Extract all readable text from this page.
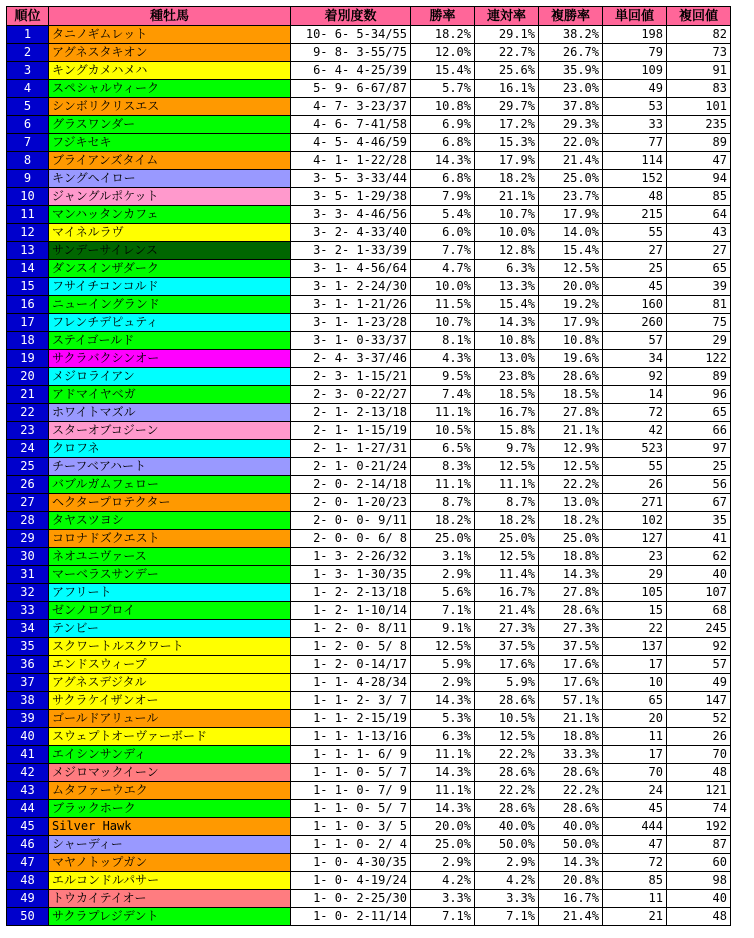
順位	種牡馬	着別度数	勝率	連対率	複勝率	単回値	複回値
1	タニノギムレット	10- 6- 5-34/55	18.2%	29.1%	38.2%	198	82
2	アグネスタキオン	9- 8- 3-55/75	12.0%	22.7%	26.7%	79	73
3	キングカメハメハ	6- 4- 4-25/39	15.4%	25.6%	35.9%	109	91
4	スペシャルウィーク	5- 9- 6-67/87	5.7%	16.1%	23.0%	49	83
5	シンボリクリスエス	4- 7- 3-23/37	10.8%	29.7%	37.8%	53	101
6	グラスワンダー	4- 6- 7-41/58	6.9%	17.2%	29.3%	33	235
7	フジキセキ	4- 5- 4-46/59	6.8%	15.3%	22.0%	77	89
8	ブライアンズタイム	4- 1- 1-22/28	14.3%	17.9%	21.4%	114	47
9	キングヘイロー	3- 5- 3-33/44	6.8%	18.2%	25.0%	152	94
10	ジャングルポケット	3- 5- 1-29/38	7.9%	21.1%	23.7%	48	85
11	マンハッタンカフェ	3- 3- 4-46/56	5.4%	10.7%	17.9%	215	64
12	マイネルラヴ	3- 2- 4-33/40	6.0%	10.0%	14.0%	55	43
13	サンデーサイレンス	3- 2- 1-33/39	7.7%	12.8%	15.4%	27	27
14	ダンスインザダーク	3- 1- 4-56/64	4.7%	6.3%	12.5%	25	65
15	フサイチコンコルド	3- 1- 2-24/30	10.0%	13.3%	20.0%	45	39
16	ニューイングランド	3- 1- 1-21/26	11.5%	15.4%	19.2%	160	81
17	フレンチデピュティ	3- 1- 1-23/28	10.7%	14.3%	17.9%	260	75
18	ステイゴールド	3- 1- 0-33/37	8.1%	10.8%	10.8%	57	29
19	サクラバクシンオー	2- 4- 3-37/46	4.3%	13.0%	19.6%	34	122
20	メジロライアン	2- 3- 1-15/21	9.5%	23.8%	28.6%	92	89
21	アドマイヤベガ	2- 3- 0-22/27	7.4%	18.5%	18.5%	14	96
22	ホワイトマズル	2- 1- 2-13/18	11.1%	16.7%	27.8%	72	65
23	スターオブコジーン	2- 1- 1-15/19	10.5%	15.8%	21.1%	42	66
24	クロフネ	2- 1- 1-27/31	6.5%	9.7%	12.9%	523	97
25	チーフベアハート	2- 1- 0-21/24	8.3%	12.5%	12.5%	55	25
26	バブルガムフェロー	2- 0- 2-14/18	11.1%	11.1%	22.2%	26	56
27	ヘクタープロテクター	2- 0- 1-20/23	8.7%	8.7%	13.0%	271	67
28	タヤスツヨシ	2- 0- 0- 9/11	18.2%	18.2%	18.2%	102	35
29	コロナドズクエスト	2- 0- 0- 6/ 8	25.0%	25.0%	25.0%	127	41
30	ネオユニヴァース	1- 3- 2-26/32	3.1%	12.5%	18.8%	23	62
31	マーベラスサンデー	1- 3- 1-30/35	2.9%	11.4%	14.3%	29	40
32	アフリート	1- 2- 2-13/18	5.6%	16.7%	27.8%	105	107
33	ゼンノロブロイ	1- 2- 1-10/14	7.1%	21.4%	28.6%	15	68
34	テンビー	1- 2- 0- 8/11	9.1%	27.3%	27.3%	22	245
35	スクワートルスクワート	1- 2- 0- 5/ 8	12.5%	37.5%	37.5%	137	92
36	エンドスウィープ	1- 2- 0-14/17	5.9%	17.6%	17.6%	17	57
37	アグネスデジタル	1- 1- 4-28/34	2.9%	5.9%	17.6%	10	49
38	サクラケイザンオー	1- 1- 2- 3/ 7	14.3%	28.6%	57.1%	65	147
39	ゴールドアリュール	1- 1- 2-15/19	5.3%	10.5%	21.1%	20	52
40	スウェプトオーヴァーボード	1- 1- 1-13/16	6.3%	12.5%	18.8%	11	26
41	エイシンサンディ	1- 1- 1- 6/ 9	11.1%	22.2%	33.3%	17	70
42	メジロマックイーン	1- 1- 0- 5/ 7	14.3%	28.6%	28.6%	70	48
43	ムタファーウエク	1- 1- 0- 7/ 9	11.1%	22.2%	22.2%	24	121
44	ブラックホーク	1- 1- 0- 5/ 7	14.3%	28.6%	28.6%	45	74
45	Silver Hawk	1- 1- 0- 3/ 5	20.0%	40.0%	40.0%	444	192
46	シャーディー	1- 1- 0- 2/ 4	25.0%	50.0%	50.0%	47	87
47	マヤノトップガン	1- 0- 4-30/35	2.9%	2.9%	14.3%	72	60
48	エルコンドルパサー	1- 0- 4-19/24	4.2%	4.2%	20.8%	85	98
49	トウカイテイオー	1- 0- 2-25/30	3.3%	3.3%	16.7%	11	40
50	サクラプレジデント	1- 0- 2-11/14	7.1%	7.1%	21.4%	21	48
